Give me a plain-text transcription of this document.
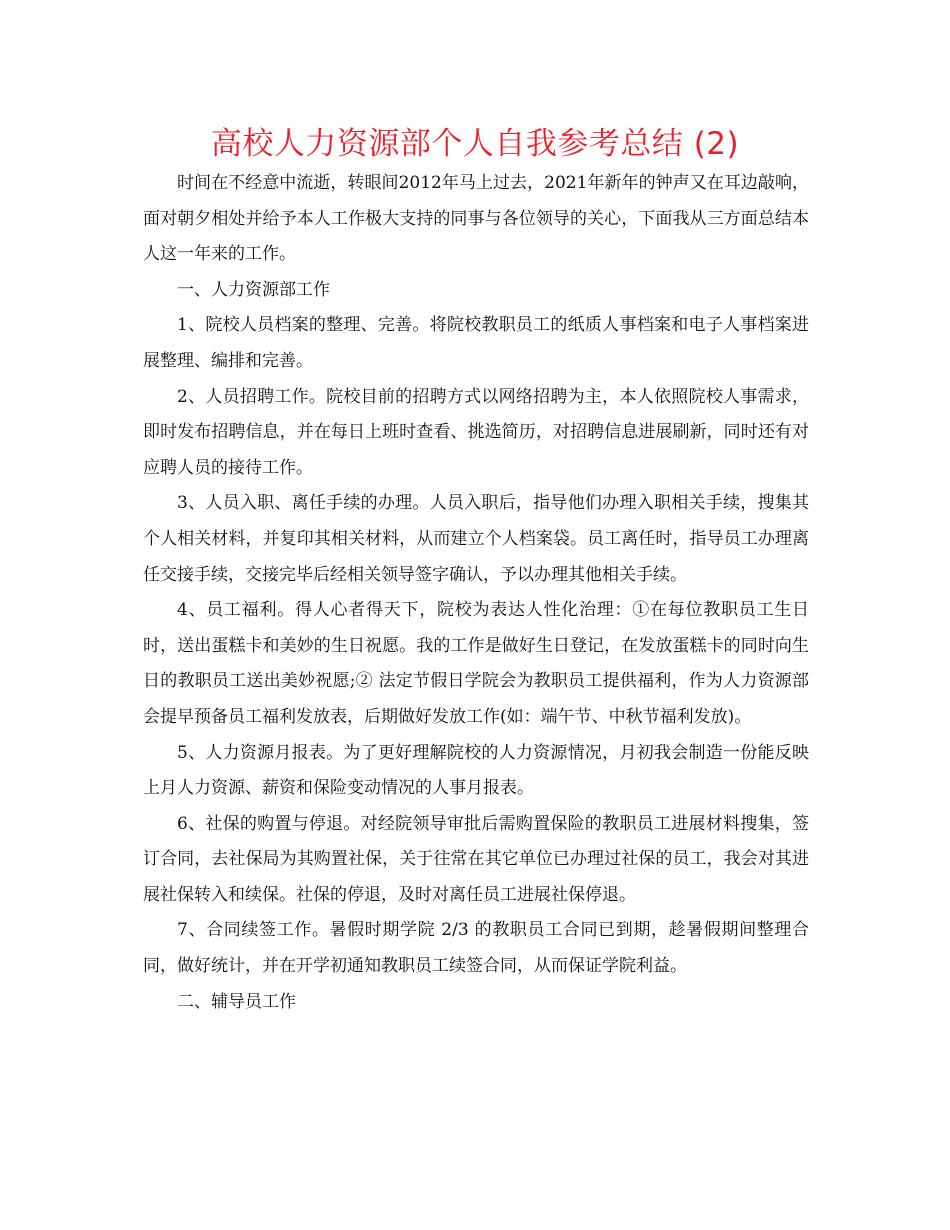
高校人力资源部个人自我参考总结 (2)

时间在不经意中流逝，转眼间2012年马上过去，2021年新年的钟声又在耳边敲响，面对朝夕相处并给予本人工作极大支持的同事与各位领导的关心，下面我从三方面总结本人这一年来的工作。

一、人力资源部工作

1、院校人员档案的整理、完善。将院校教职员工的纸质人事档案和电子人事档案进展整理、编排和完善。

2、人员招聘工作。院校目前的招聘方式以网络招聘为主，本人依照院校人事需求，即时发布招聘信息，并在每日上班时查看、挑选简历，对招聘信息进展刷新，同时还有对应聘人员的接待工作。

3、人员入职、离任手续的办理。人员入职后，指导他们办理入职相关手续，搜集其个人相关材料，并复印其相关材料，从而建立个人档案袋。员工离任时，指导员工办理离任交接手续，交接完毕后经相关领导签字确认，予以办理其他相关手续。

4、员工福利。得人心者得天下，院校为表达人性化治理：①在每位教职员工生日时，送出蛋糕卡和美妙的生日祝愿。我的工作是做好生日登记，在发放蛋糕卡的同时向生日的教职员工送出美妙祝愿;② 法定节假日学院会为教职员工提供福利，作为人力资源部会提早预备员工福利发放表，后期做好发放工作(如：端午节、中秋节福利发放)。

5、人力资源月报表。为了更好理解院校的人力资源情况，月初我会制造一份能反映上月人力资源、薪资和保险变动情况的人事月报表。

6、社保的购置与停退。对经院领导审批后需购置保险的教职员工进展材料搜集，签订合同，去社保局为其购置社保，关于往常在其它单位已办理过社保的员工，我会对其进展社保转入和续保。社保的停退，及时对离任员工进展社保停退。

7、合同续签工作。暑假时期学院 2/3 的教职员工合同已到期，趁暑假期间整理合同，做好统计，并在开学初通知教职员工续签合同，从而保证学院利益。

二、辅导员工作
